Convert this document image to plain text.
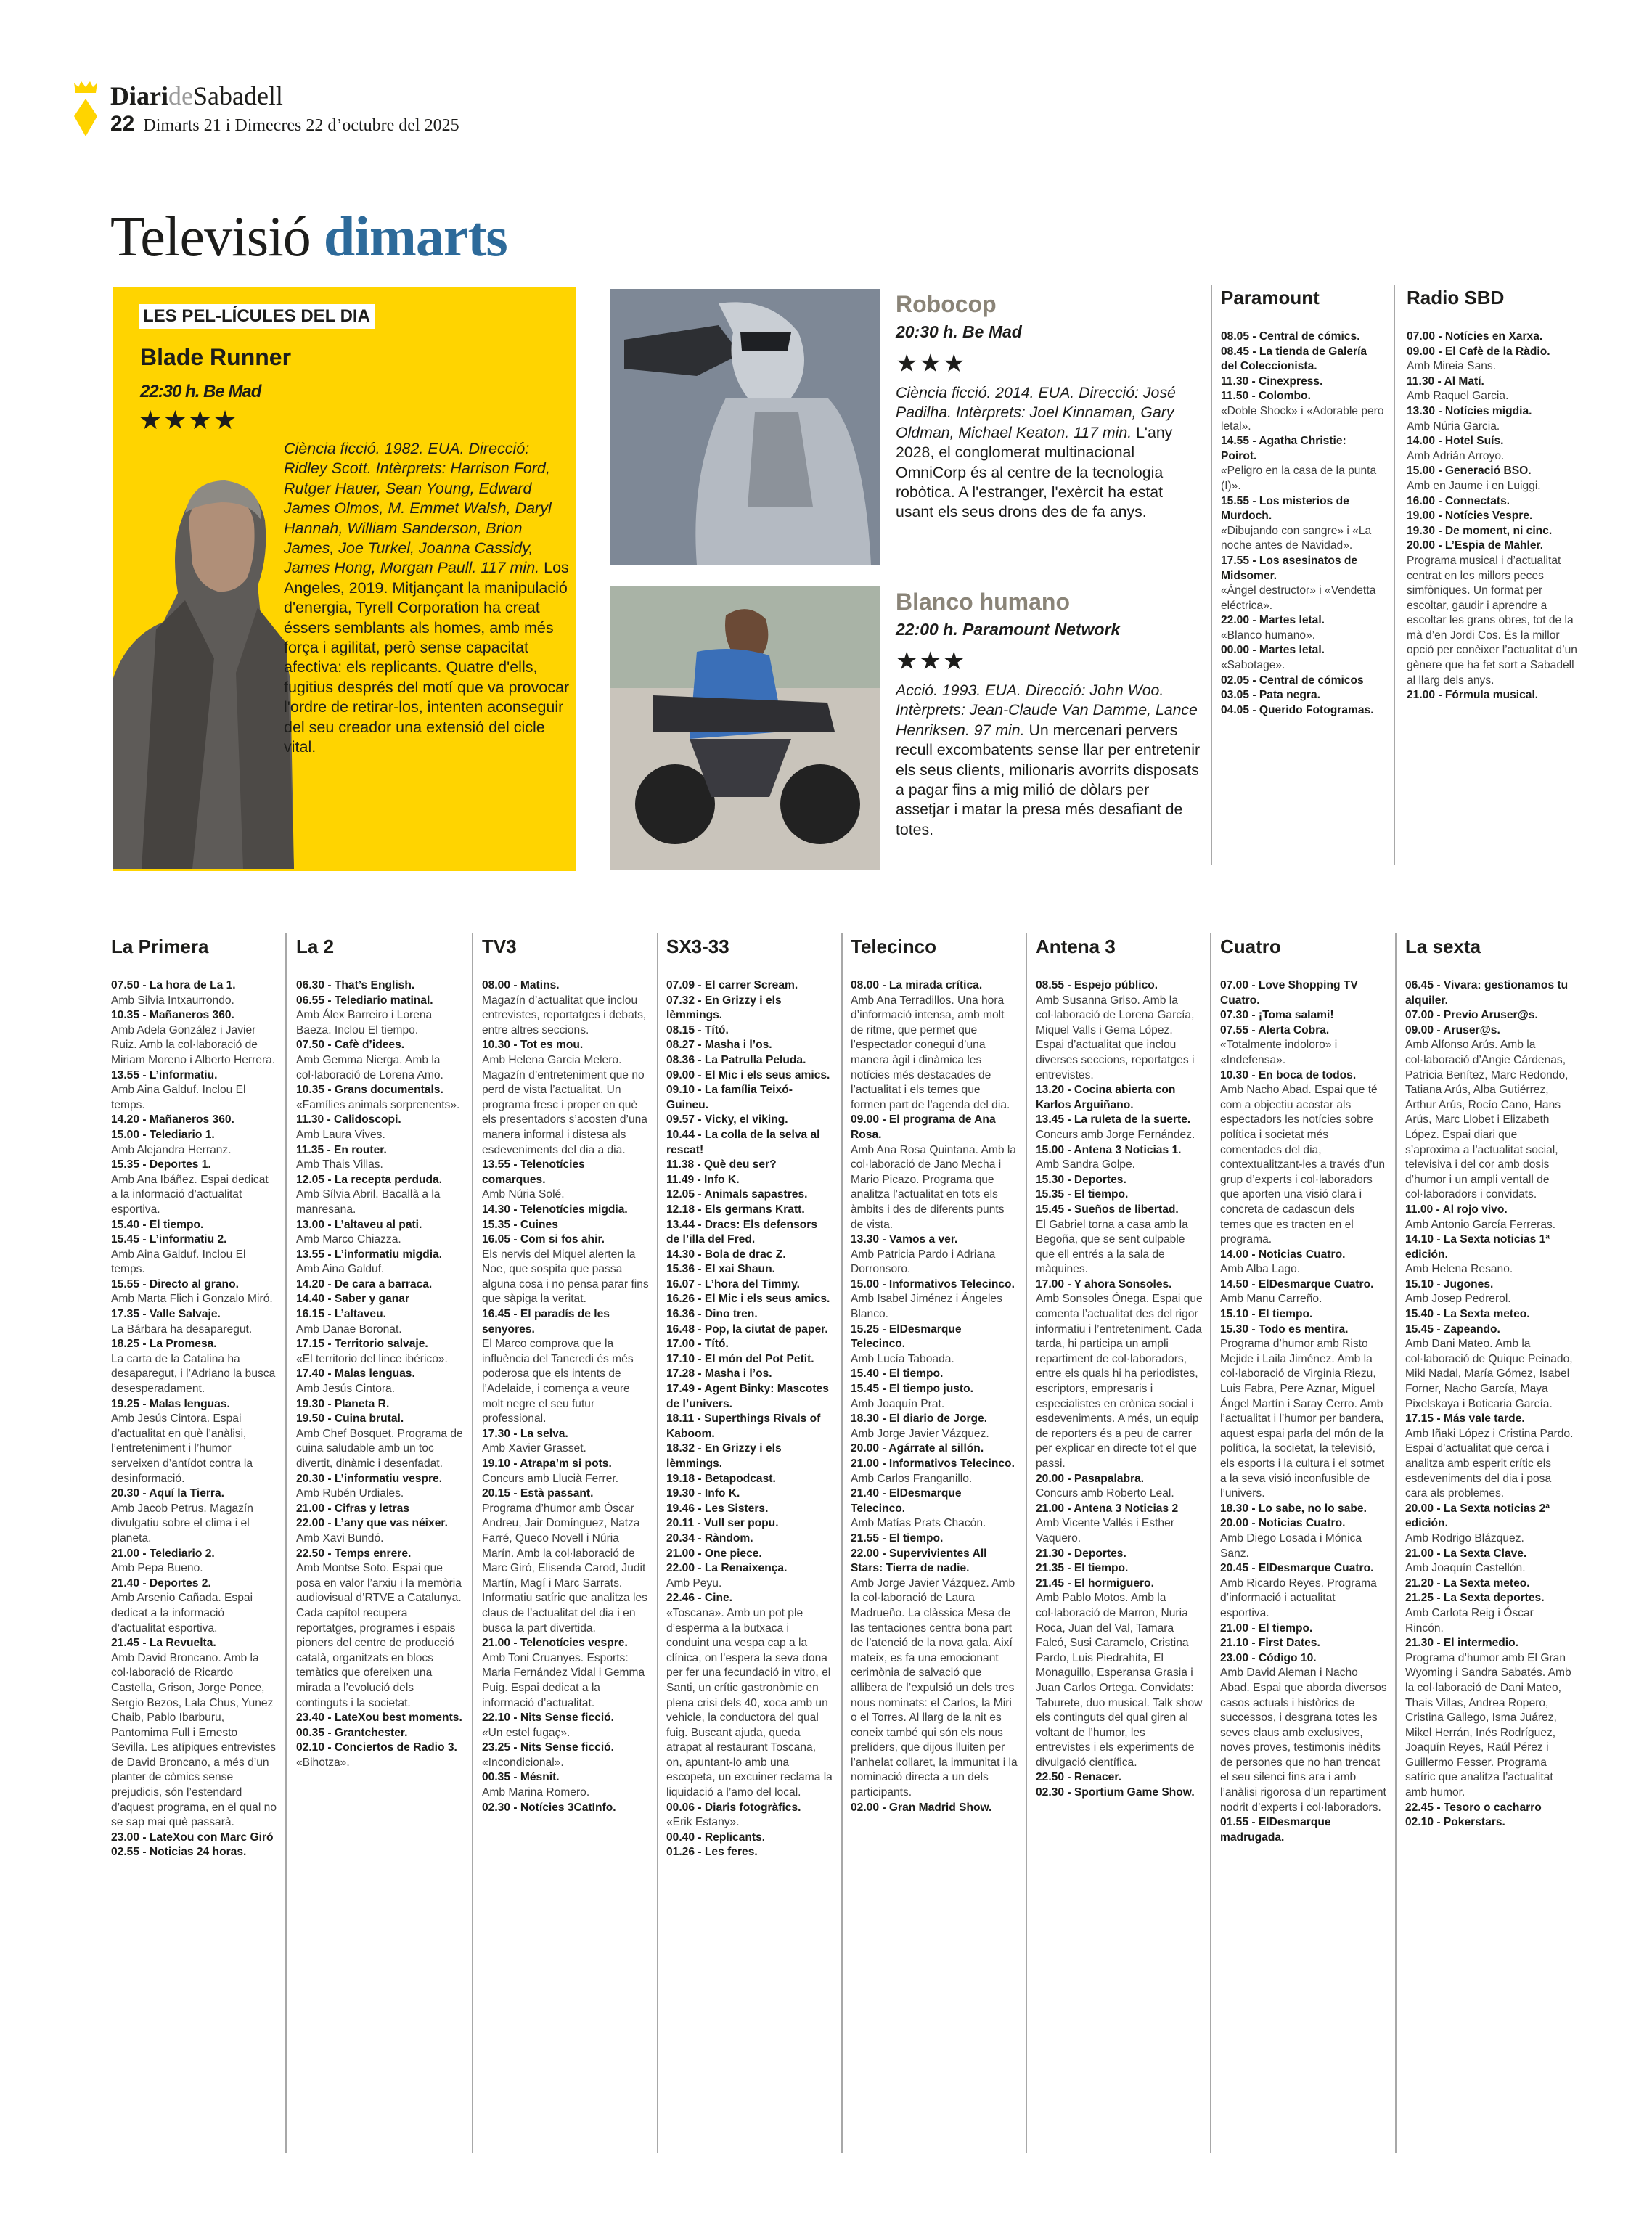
DiarideSabadell
22 Dimarts 21 i Dimecres 22 d’octubre del 2025
Televisió dimarts
LES PEL-LÍCULES DEL DIA
Blade Runner
22:30 h. Be Mad
★★★★
Ciència ficció. 1982. EUA. Direcció: Ridley Scott. Intèrprets: Harrison Ford, Rutger Hauer, Sean Young, Edward James Olmos, M. Emmet Walsh, Daryl Hannah, William Sanderson, Brion James, Joe Turkel, Joanna Cassidy, James Hong, Morgan Paull. 117 min. Los Angeles, 2019. Mitjançant la manipulació d'energia, Tyrell Corporation ha creat éssers semblants als homes, amb més força i agilitat, però sense capacitat afectiva: els replicants. Quatre d'ells, fugitius després del motí que va provocar l'ordre de retirar-los, intenten aconseguir del seu creador una extensió del cicle vital.
Robocop
20:30 h. Be Mad
★★★
Ciència ficció. 2014. EUA. Direcció: José Padilha. Intèrprets: Joel Kinnaman, Gary Oldman, Michael Keaton. 117 min. L'any 2028, el conglomerat multinacional OmniCorp és al centre de la tecnologia robòtica. A l'estranger, l'exèrcit ha estat usant els seus drons des de fa anys.
Blanco humano
22:00 h. Paramount Network
★★★
Acció. 1993. EUA. Direcció: John Woo. Intèrprets: Jean-Claude Van Damme, Lance Henriksen. 97 min. Un mercenari pervers recull excombatents sense llar per entretenir els seus clients, milionaris avorrits disposats a pagar fins a mig milió de dòlars per assetjar i matar la presa més desafiant de totes.
Paramount
08.05 - Central de cómics.
08.45 - La tienda de Galería del Coleccionista.
11.30 - Cinexpress.
11.50 - Colombo.
«Doble Shock» i «Adorable pero letal».
14.55 - Agatha Christie: Poirot.
«Peligro en la casa de la punta (I)».
15.55 - Los misterios de Murdoch.
«Dibujando con sangre» i «La noche antes de Navidad».
17.55 - Los asesinatos de Midsomer.
«Ángel destructor» i «Vendetta eléctrica».
22.00 - Martes letal.
«Blanco humano».
00.00 - Martes letal.
«Sabotage».
02.05 - Central de cómicos
03.05 - Pata negra.
04.05 - Querido Fotogramas.
Radio SBD
07.00 - Notícies en Xarxa.
09.00 - El Cafè de la Ràdio.
Amb Mireia Sans.
11.30 - Al Matí.
Amb Raquel Garcia.
13.30 - Notícies migdia.
Amb Núria Garcia.
14.00 - Hotel Suís.
Amb Adrián Arroyo.
15.00 - Generació BSO.
Amb en Jaume i en Luiggi.
16.00 - Connectats.
19.00 - Notícies Vespre.
19.30 - De moment, ni cinc.
20.00 - L’Espia de Mahler.
Programa musical i d’actualitat centrat en les millors peces simfòniques. Un format per escoltar, gaudir i aprendre a escoltar les grans obres, tot de la mà d’en Jordi Cos. És la millor opció per conèixer l’actualitat d’un gènere que ha fet sort a Sabadell al llarg dels anys.
21.00 - Fórmula musical.
La Primera
07.50 - La hora de La 1.
Amb Silvia Intxaurrondo.
10.35 - Mañaneros 360.
Amb Adela González i Javier Ruiz. Amb la col·laboració de Miriam Moreno i Alberto Herrera.
13.55 - L’informatiu.
Amb Aina Galduf. Inclou El temps.
14.20 - Mañaneros 360.
15.00 - Telediario 1.
Amb Alejandra Herranz.
15.35 - Deportes 1.
Amb Ana Ibáñez. Espai dedicat a la informació d’actualitat esportiva.
15.40 - El tiempo.
15.45 - L’informatiu 2.
Amb Aina Galduf. Inclou El temps.
15.55 - Directo al grano.
Amb Marta Flich i Gonzalo Miró.
17.35 - Valle Salvaje.
La Bárbara ha desaparegut.
18.25 - La Promesa.
La carta de la Catalina ha desaparegut, i l’Adriano la busca desesperadament.
19.25 - Malas lenguas.
Amb Jesús Cintora. Espai d’actualitat en què l’anàlisi, l’entreteniment i l’humor serveixen d’antídot contra la desinformació.
20.30 - Aquí la Tierra.
Amb Jacob Petrus. Magazín divulgatiu sobre el clima i el planeta.
21.00 - Telediario 2.
Amb Pepa Bueno.
21.40 - Deportes 2.
Amb Arsenio Cañada. Espai dedicat a la informació d’actualitat esportiva.
21.45 - La Revuelta.
Amb David Broncano. Amb la col·laboració de Ricardo Castella, Grison, Jorge Ponce, Sergio Bezos, Lala Chus, Yunez Chaib, Pablo Ibarburu, Pantomima Full i Ernesto Sevilla. Les atípiques entrevistes de David Broncano, a més d’un planter de còmics sense prejudicis, són l’estendard d’aquest programa, en el qual no se sap mai què passarà.
23.00 - LateXou con Marc Giró
02.55 - Noticias 24 horas.
La 2
06.30 - That’s English.
06.55 - Telediario matinal.
Amb Álex Barreiro i Lorena Baeza. Inclou El tiempo.
07.50 - Cafè d’idees.
Amb Gemma Nierga. Amb la col·laboració de Lorena Amo.
10.35 - Grans documentals.
«Famílies animals sorprenents».
11.30 - Calidoscopi.
Amb Laura Vives.
11.35 - En router.
Amb Thais Villas.
12.05 - La recepta perduda.
Amb Sílvia Abril. Bacallà a la manresana.
13.00 - L’altaveu al pati.
Amb Marco Chiazza.
13.55 - L’informatiu migdia.
Amb Aina Galduf.
14.20 - De cara a barraca.
14.40 - Saber y ganar
16.15 - L’altaveu.
Amb Danae Boronat.
17.15 - Territorio salvaje.
«El territorio del lince ibérico».
17.40 - Malas lenguas.
Amb Jesús Cintora.
19.30 - Planeta R.
19.50 - Cuina brutal.
Amb Chef Bosquet. Programa de cuina saludable amb un toc divertit, dinàmic i desenfadat.
20.30 - L’informatiu vespre.
Amb Rubén Urdiales.
21.00 - Cifras y letras
22.00 - L’any que vas néixer.
Amb Xavi Bundó.
22.50 - Temps enrere.
Amb Montse Soto. Espai que posa en valor l’arxiu i la memòria audiovisual d’RTVE a Catalunya. Cada capítol recupera reportatges, programes i espais pioners del centre de producció català, organitzats en blocs temàtics que ofereixen una mirada a l’evolució dels continguts i la societat.
23.40 - LateXou best moments.
00.35 - Grantchester.
02.10 - Conciertos de Radio 3.
«Bihotza».
TV3
08.00 - Matins.
Magazín d’actualitat que inclou entrevistes, reportatges i debats, entre altres seccions.
10.30 - Tot es mou.
Amb Helena Garcia Melero. Magazín d’entreteniment que no perd de vista l’actualitat. Un programa fresc i proper en què els presentadors s’acosten d’una manera informal i distesa als esdeveniments del dia a dia.
13.55 - Telenotícies comarques.
Amb Núria Solé.
14.30 - Telenotícies migdia.
15.35 - Cuines
16.05 - Com si fos ahir.
Els nervis del Miquel alerten la Noe, que sospita que passa alguna cosa i no pensa parar fins que sàpiga la veritat.
16.45 - El paradís de les senyores.
El Marco comprova que la influència del Tancredi és més poderosa que els intents de l’Adelaide, i comença a veure molt negre el seu futur professional.
17.30 - La selva.
Amb Xavier Grasset.
19.10 - Atrapa’m si pots.
Concurs amb Llucià Ferrer.
20.15 - Està passant.
Programa d’humor amb Òscar Andreu, Jair Domínguez, Natza Farré, Queco Novell i Núria Marín. Amb la col·laboració de Marc Giró, Elisenda Carod, Judit Martín, Magí i Marc Sarrats. Informatiu satíric que analitza les claus de l’actualitat del dia i en busca la part divertida.
21.00 - Telenotícies vespre.
Amb Toni Cruanyes. Esports: Maria Fernández Vidal i Gemma Puig. Espai dedicat a la informació d’actualitat.
22.10 - Nits Sense ficció.
«Un estel fugaç».
23.25 - Nits Sense ficció.
«Incondicional».
00.35 - Mésnit.
Amb Marina Romero.
02.30 - Notícies 3CatInfo.
SX3-33
07.09 - El carrer Scream.
07.32 - En Grizzy i els lèmmings.
08.15 - Tító.
08.27 - Masha i l’os.
08.36 - La Patrulla Peluda.
09.00 - El Mic i els seus amics.
09.10 - La família Teixó-Guineu.
09.57 - Vicky, el viking.
10.44 - La colla de la selva al rescat!
11.38 - Què deu ser?
11.49 - Info K.
12.05 - Animals sapastres.
12.18 - Els germans Kratt.
13.44 - Dracs: Els defensors de l’illa del Fred.
14.30 - Bola de drac Z.
15.36 - El xai Shaun.
16.07 - L’hora del Timmy.
16.26 - El Mic i els seus amics.
16.36 - Dino tren.
16.48 - Pop, la ciutat de paper.
17.00 - Tító.
17.10 - El món del Pot Petit.
17.28 - Masha i l’os.
17.49 - Agent Binky: Mascotes de l’univers.
18.11 - Superthings Rivals of Kaboom.
18.32 - En Grizzy i els lèmmings.
19.18 - Betapodcast.
19.30 - Info K.
19.46 - Les Sisters.
20.11 - Vull ser popu.
20.34 - Ràndom.
21.00 - One piece.
22.00 - La Renaixença.
Amb Peyu.
22.46 - Cine.
«Toscana». Amb un pot ple d’esperma a la butxaca i conduint una vespa cap a la clínica, on l’espera la seva dona per fer una fecundació in vitro, el Santi, un crític gastronòmic en plena crisi dels 40, xoca amb un vehicle, la conductora del qual fuig. Buscant ajuda, queda atrapat al restaurant Toscana, on, apuntant-lo amb una escopeta, un excuiner reclama la liquidació a l’amo del local.
00.06 - Diaris fotogràfics.
«Erik Estany».
00.40 - Replicants.
01.26 - Les feres.
Telecinco
08.00 - La mirada crítica.
Amb Ana Terradillos. Una hora d’informació intensa, amb molt de ritme, que permet que l’espectador conegui d’una manera àgil i dinàmica les notícies més destacades de l’actualitat i els temes que formen part de l’agenda del dia.
09.00 - El programa de Ana Rosa.
Amb Ana Rosa Quintana. Amb la col·laboració de Jano Mecha i Mario Picazo. Programa que analitza l’actualitat en tots els àmbits i des de diferents punts de vista.
13.30 - Vamos a ver.
Amb Patricia Pardo i Adriana Dorronsoro.
15.00 - Informativos Telecinco.
Amb Isabel Jiménez i Ángeles Blanco.
15.25 - ElDesmarque Telecinco.
Amb Lucía Taboada.
15.40 - El tiempo.
15.45 - El tiempo justo.
Amb Joaquín Prat.
18.30 - El diario de Jorge.
Amb Jorge Javier Vázquez.
20.00 - Agárrate al sillón.
21.00 - Informativos Telecinco.
Amb Carlos Franganillo.
21.40 - ElDesmarque Telecinco.
Amb Matías Prats Chacón.
21.55 - El tiempo.
22.00 - Supervivientes All Stars: Tierra de nadie.
Amb Jorge Javier Vázquez. Amb la col·laboració de Laura Madrueño. La clàssica Mesa de las tentaciones centra bona part de l’atenció de la nova gala. Així mateix, es fa una emocionant cerimònia de salvació que allibera de l’expulsió un dels tres nous nominats: el Carlos, la Miri o el Torres. Al llarg de la nit es coneix també qui són els nous prelíders, que dijous lluiten per l’anhelat collaret, la immunitat i la nominació directa a un dels participants.
02.00 - Gran Madrid Show.
Antena 3
08.55 - Espejo público.
Amb Susanna Griso. Amb la col·laboració de Lorena García, Miquel Valls i Gema López. Espai d’actualitat que inclou diverses seccions, reportatges i entrevistes.
13.20 - Cocina abierta con Karlos Arguiñano.
13.45 - La ruleta de la suerte.
Concurs amb Jorge Fernández.
15.00 - Antena 3 Noticias 1.
Amb Sandra Golpe.
15.30 - Deportes.
15.35 - El tiempo.
15.45 - Sueños de libertad.
El Gabriel torna a casa amb la Begoña, que se sent culpable que ell entrés a la sala de màquines.
17.00 - Y ahora Sonsoles.
Amb Sonsoles Ónega. Espai que comenta l’actualitat des del rigor informatiu i l’entreteniment. Cada tarda, hi participa un ampli repartiment de col·laboradors, entre els quals hi ha periodistes, escriptors, empresaris i especialistes en crònica social i esdeveniments. A més, un equip de reporters és a peu de carrer per explicar en directe tot el que passi.
20.00 - Pasapalabra.
Concurs amb Roberto Leal.
21.00 - Antena 3 Noticias 2
Amb Vicente Vallés i Esther Vaquero.
21.30 - Deportes.
21.35 - El tiempo.
21.45 - El hormiguero.
Amb Pablo Motos. Amb la col·laboració de Marron, Nuria Roca, Juan del Val, Tamara Falcó, Susi Caramelo, Cristina Pardo, Luis Piedrahita, El Monaguillo, Esperansa Grasia i Juan Carlos Ortega. Convidats: Taburete, duo musical. Talk show els continguts del qual giren al voltant de l’humor, les entrevistes i els experiments de divulgació científica.
22.50 - Renacer.
02.30 - Sportium Game Show.
Cuatro
07.00 - Love Shopping TV Cuatro.
07.30 - ¡Toma salami!
07.55 - Alerta Cobra.
«Totalmente indoloro» i «Indefensa».
10.30 - En boca de todos.
Amb Nacho Abad. Espai que té com a objectiu acostar als espectadors les notícies sobre política i societat més comentades del dia, contextualitzant-les a través d’un grup d’experts i col·laboradors que aporten una visió clara i concreta de cadascun dels temes que es tracten en el programa.
14.00 - Noticias Cuatro.
Amb Alba Lago.
14.50 - ElDesmarque Cuatro.
Amb Manu Carreño.
15.10 - El tiempo.
15.30 - Todo es mentira.
Programa d’humor amb Risto Mejide i Laila Jiménez. Amb la col·laboració de Virginia Riezu, Luis Fabra, Pere Aznar, Miguel Ángel Martín i Saray Cerro. Amb l’actualitat i l’humor per bandera, aquest espai parla del món de la política, la societat, la televisió, els esports i la cultura i el sotmet a la seva visió inconfusible de l’univers.
18.30 - Lo sabe, no lo sabe.
20.00 - Noticias Cuatro.
Amb Diego Losada i Mónica Sanz.
20.45 - ElDesmarque Cuatro.
Amb Ricardo Reyes. Programa d’informació i actualitat esportiva.
21.00 - El tiempo.
21.10 - First Dates.
23.00 - Código 10.
Amb David Aleman i Nacho Abad. Espai que aborda diversos casos actuals i històrics de successos, i desgrana totes les seves claus amb exclusives, noves proves, testimonis inèdits de persones que no han trencat el seu silenci fins ara i amb l’anàlisi rigorosa d’un repartiment nodrit d’experts i col·laboradors.
01.55 - ElDesmarque madrugada.
La sexta
06.45 - Vivara: gestionamos tu alquiler.
07.00 - Previo Aruser@s.
09.00 - Aruser@s.
Amb Alfonso Arús. Amb la col·laboració d’Angie Cárdenas, Patricia Benítez, Marc Redondo, Tatiana Arús, Alba Gutiérrez, Arthur Arús, Rocío Cano, Hans Arús, Marc Llobet i Elizabeth López. Espai diari que s’aproxima a l’actualitat social, televisiva i del cor amb dosis d’humor i un ampli ventall de col·laboradors i convidats.
11.00 - Al rojo vivo.
Amb Antonio García Ferreras.
14.10 - La Sexta noticias 1ª edición.
Amb Helena Resano.
15.10 - Jugones.
Amb Josep Pedrerol.
15.40 - La Sexta meteo.
15.45 - Zapeando.
Amb Dani Mateo. Amb la col·laboració de Quique Peinado, Miki Nadal, María Gómez, Isabel Forner, Nacho García, Maya Pixelskaya i Boticaria García.
17.15 - Más vale tarde.
Amb Iñaki López i Cristina Pardo. Espai d’actualitat que cerca i analitza amb esperit crític els esdeveniments del dia i posa cara als problemes.
20.00 - La Sexta noticias 2ª edición.
Amb Rodrigo Blázquez.
21.00 - La Sexta Clave.
Amb Joaquín Castellón.
21.20 - La Sexta meteo.
21.25 - La Sexta deportes.
Amb Carlota Reig i Óscar Rincón.
21.30 - El intermedio.
Programa d’humor amb El Gran Wyoming i Sandra Sabatés. Amb la col·laboració de Dani Mateo, Thais Villas, Andrea Ropero, Cristina Gallego, Isma Juárez, Mikel Herrán, Inés Rodríguez, Joaquín Reyes, Raúl Pérez i Guillermo Fesser. Programa satíric que analitza l’actualitat amb humor.
22.45 - Tesoro o cacharro
02.10 - Pokerstars.
